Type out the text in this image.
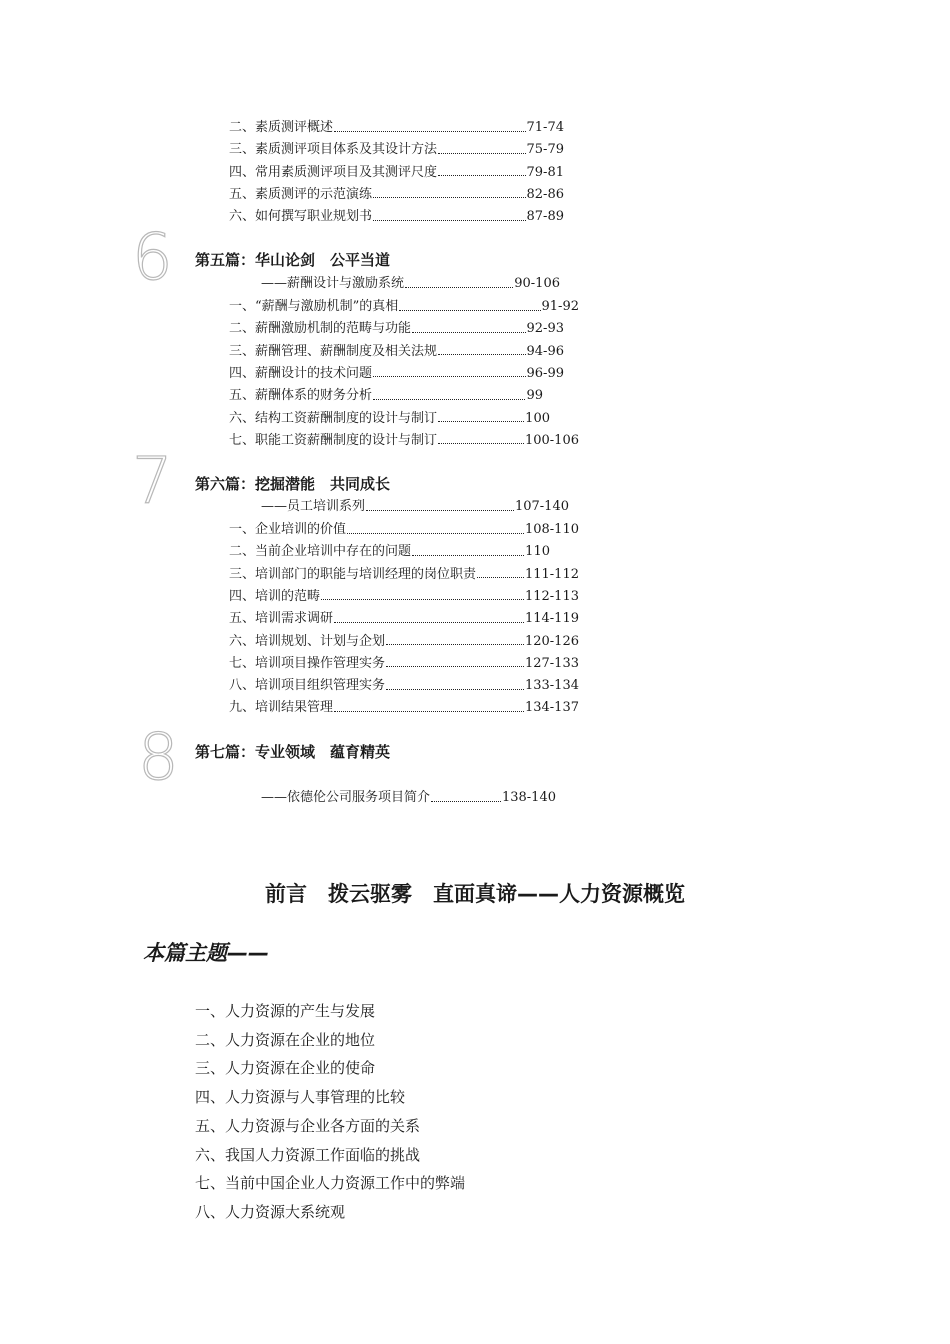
二、素质测评概述	71-74
三、素质测评项目体系及其设计方法	75-79
四、常用素质测评项目及其测评尺度	79-81
五、素质测评的示范演练	82-86
六、如何撰写职业规划书	87-89
6 第五篇：华山论剑　公平当道
——薪酬设计与激励系统	90-106
一、“薪酬与激励机制”的真相	91-92
二、薪酬激励机制的范畴与功能	92-93
三、薪酬管理、薪酬制度及相关法规	94-96
四、薪酬设计的技术问题	96-99
五、薪酬体系的财务分析	99
六、结构工资薪酬制度的设计与制订	100
七、职能工资薪酬制度的设计与制订	100-106
7 第六篇：挖掘潜能　共同成长
——员工培训系列	107-140
一、企业培训的价值	108-110
二、当前企业培训中存在的问题	110
三、培训部门的职能与培训经理的岗位职责	111-112
四、培训的范畴	112-113
五、培训需求调研	114-119
六、培训规划、计划与企划	120-126
七、培训项目操作管理实务	127-133
八、培训项目组织管理实务	133-134
九、培训结果管理	134-137
8 第七篇：专业领域　蕴育精英
——依德伦公司服务项目简介	138-140
前言　拨云驱雾　直面真谛——人力资源概览
本篇主题——
一、人力资源的产生与发展
二、人力资源在企业的地位
三、人力资源在企业的使命
四、人力资源与人事管理的比较
五、人力资源与企业各方面的关系
六、我国人力资源工作面临的挑战
七、当前中国企业人力资源工作中的弊端
八、人力资源大系统观
